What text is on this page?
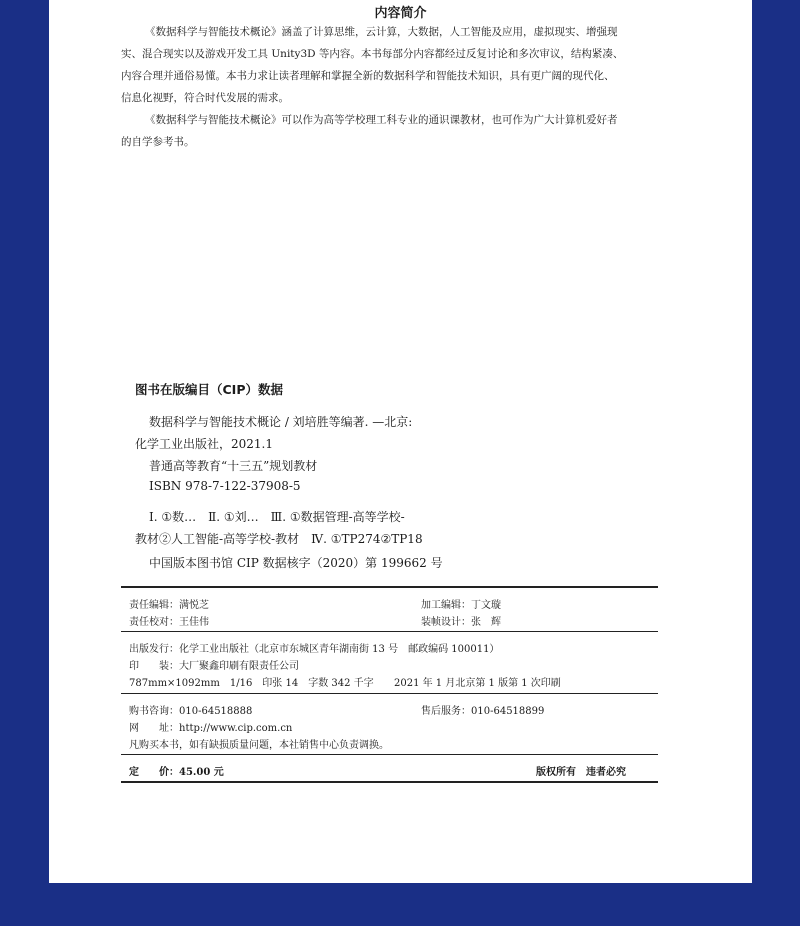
内容简介
《数据科学与智能技术概论》涵盖了计算思维，云计算，大数据，人工智能及应用，虚拟现实、增强现
实、混合现实以及游戏开发工具 Unity3D 等内容。本书每部分内容都经过反复讨论和多次审议，结构紧凑、
内容合理并通俗易懂。本书力求让读者理解和掌握全新的数据科学和智能技术知识，具有更广阔的现代化、
信息化视野，符合时代发展的需求。
《数据科学与智能技术概论》可以作为高等学校理工科专业的通识课教材，也可作为广大计算机爱好者
的自学参考书。
图书在版编目（CIP）数据
数据科学与智能技术概论 / 刘培胜等编著. —北京:
化学工业出版社，2021.1
普通高等教育“十三五”规划教材
ISBN 978-7-122-37908-5
Ⅰ. ①数…　Ⅱ. ①刘…　Ⅲ. ①数据管理-高等学校-
教材②人工智能-高等学校-教材　Ⅳ. ①TP274②TP18
中国版本图书馆 CIP 数据核字（2020）第 199662 号
责任编辑：满悦芝	加工编辑：丁文璇
责任校对：王佳伟	装帧设计：张　辉
出版发行：化学工业出版社（北京市东城区青年湖南街 13 号　邮政编码 100011）
印　　装：大厂聚鑫印刷有限责任公司
787mm×1092mm　1/16　印张 14　字数 342 千字 2021 年 1 月北京第 1 版第 1 次印刷
购书咨询：010-64518888	售后服务：010-64518899
网　　址：http://www.cip.com.cn
凡购买本书，如有缺损质量问题，本社销售中心负责调换。
定　　价：45.00 元	版权所有　违者必究
